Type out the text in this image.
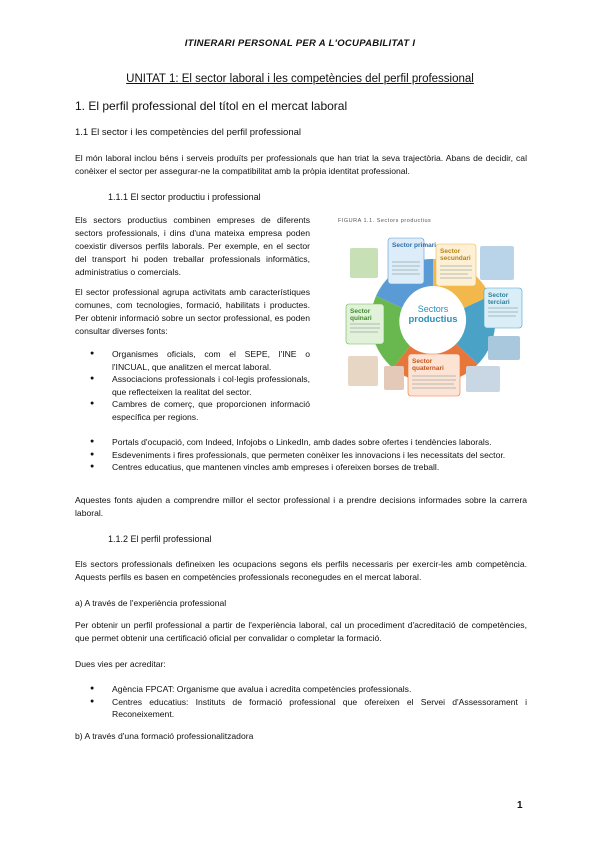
ITINERARI PERSONAL PER A L'OCUPABILITAT I
UNITAT 1: El sector laboral i les competències del perfil professional
1. El perfil professional del títol en el mercat laboral
1.1 El sector i les competències del perfil professional

El món laboral inclou béns i serveis produïts per professionals que han triat la seva trajectòria. Abans de decidir, cal conèixer el sector per assegurar-ne la compatibilitat amb la pròpia identitat professional.

1.1.1 El sector productiu i professional

Els sectors productius combinen empreses de diferents sectors professionals, i dins d'una mateixa empresa poden coexistir diversos perfils laborals. Per exemple, en el sector del transport hi poden treballar professionals informàtics, administratius o comercials.

El sector professional agrupa activitats amb característiques comunes, com tecnologies, formació, habilitats i productes. Per obtenir informació sobre un sector professional, es poden consultar diverses fonts:

FIGURA 1.1. Sectors productius
Sector primari
Sector secundari
Sector terciari
Sector quaternari
Sector quinari
Sectors
productius
● Organismes oficials, com el SEPE, l'INE o l'INCUAL, que analitzen el mercat laboral.
● Associacions professionals i col·legis professionals, que reflecteixen la realitat del sector.
● Cambres de comerç, que proporcionen informació específica per regions.
● Portals d'ocupació, com Indeed, Infojobs o LinkedIn, amb dades sobre ofertes i tendències laborals.
● Esdeveniments i fires professionals, que permeten conèixer les innovacions i les necessitats del sector.
● Centres educatius, que mantenen vincles amb empreses i ofereixen borses de treball.

Aquestes fonts ajuden a comprendre millor el sector professional i a prendre decisions informades sobre la carrera laboral.

1.1.2 El perfil professional

Els sectors professionals defineixen les ocupacions segons els perfils necessaris per exercir-les amb competència. Aquests perfils es basen en competències professionals reconegudes en el mercat laboral.

a) A través de l'experiència professional

Per obtenir un perfil professional a partir de l'experiència laboral, cal un procediment d'acreditació de competències, que permet obtenir una certificació oficial per convalidar o completar la formació.

Dues vies per acreditar:
● Agència FPCAT: Organisme que avalua i acredita competències professionals.
● Centres educatius: Instituts de formació professional que ofereixen el Servei d'Assessorament i Reconeixement.
b) A través d'una formació professionalitzadora
1
